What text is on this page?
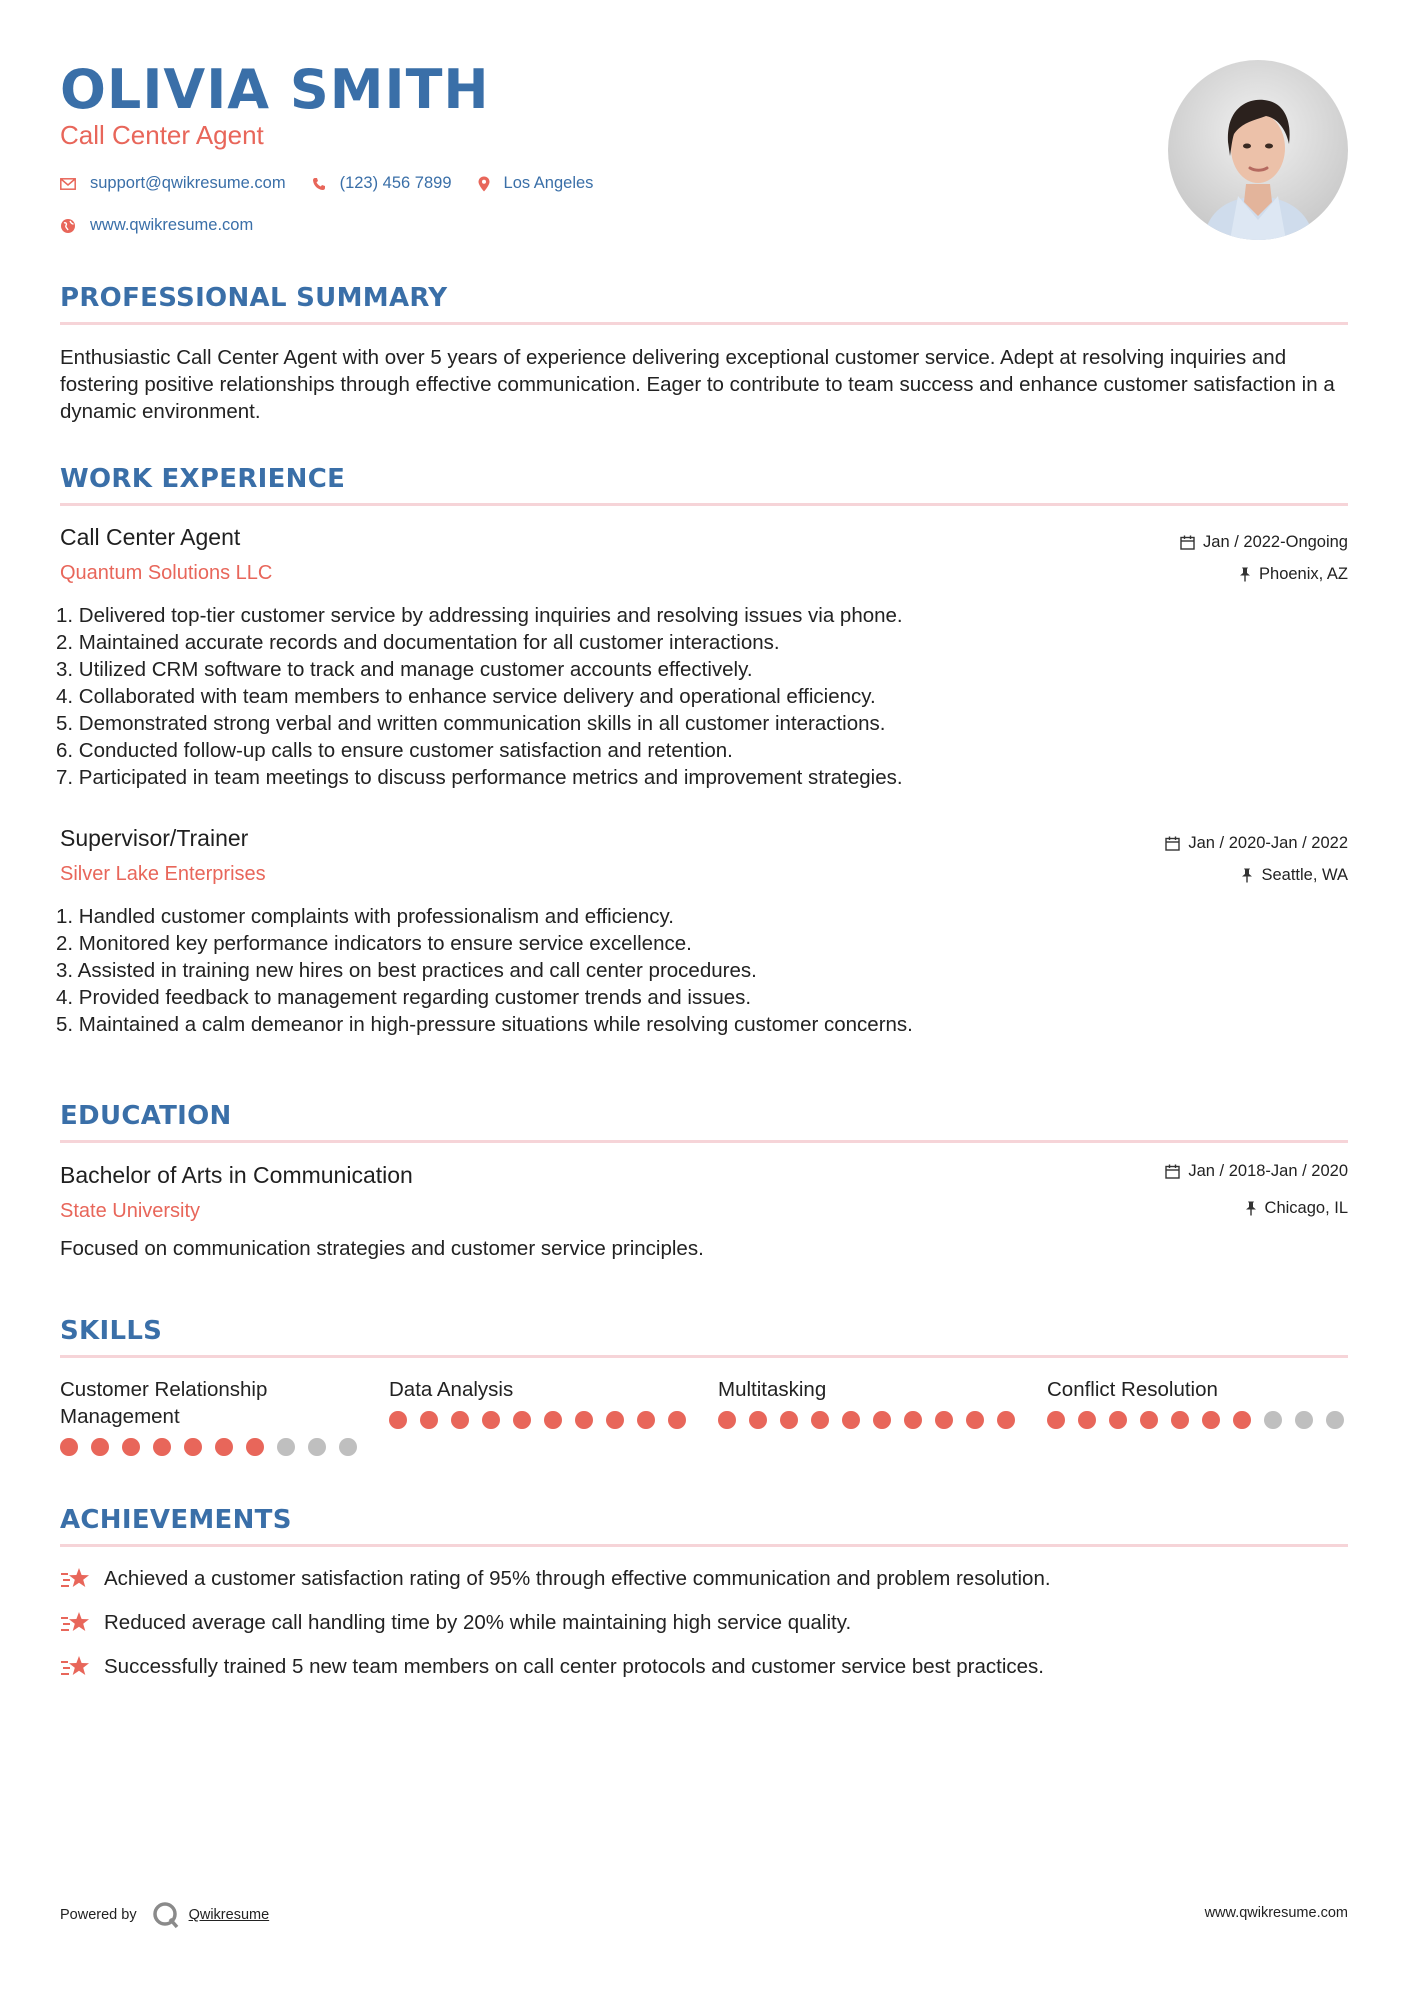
OLIVIA SMITH
Call Center Agent
support@qwikresume.com	(123) 456 7899	Los Angeles
www.qwikresume.com
PROFESSIONAL SUMMARY
Enthusiastic Call Center Agent with over 5 years of experience delivering exceptional customer service. Adept at resolving inquiries and fostering positive relationships through effective communication. Eager to contribute to team success and enhance customer satisfaction in a dynamic environment.
WORK EXPERIENCE
Call Center Agent
Quantum Solutions LLC
Jan / 2022-Ongoing
Phoenix, AZ
1. Delivered top-tier customer service by addressing inquiries and resolving issues via phone.
2. Maintained accurate records and documentation for all customer interactions.
3. Utilized CRM software to track and manage customer accounts effectively.
4. Collaborated with team members to enhance service delivery and operational efficiency.
5. Demonstrated strong verbal and written communication skills in all customer interactions.
6. Conducted follow-up calls to ensure customer satisfaction and retention.
7. Participated in team meetings to discuss performance metrics and improvement strategies.
Supervisor/Trainer
Silver Lake Enterprises
Jan / 2020-Jan / 2022
Seattle, WA
1. Handled customer complaints with professionalism and efficiency.
2. Monitored key performance indicators to ensure service excellence.
3. Assisted in training new hires on best practices and call center procedures.
4. Provided feedback to management regarding customer trends and issues.
5. Maintained a calm demeanor in high-pressure situations while resolving customer concerns.
EDUCATION
Bachelor of Arts in Communication
State University
Jan / 2018-Jan / 2020
Chicago, IL
Focused on communication strategies and customer service principles.
SKILLS
Customer Relationship Management
Data Analysis	Multitasking	Conflict Resolution
ACHIEVEMENTS
Achieved a customer satisfaction rating of 95% through effective communication and problem resolution.
Reduced average call handling time by 20% while maintaining high service quality.
Successfully trained 5 new team members on call center protocols and customer service best practices.
Powered by	Qwikresume	www.qwikresume.com
